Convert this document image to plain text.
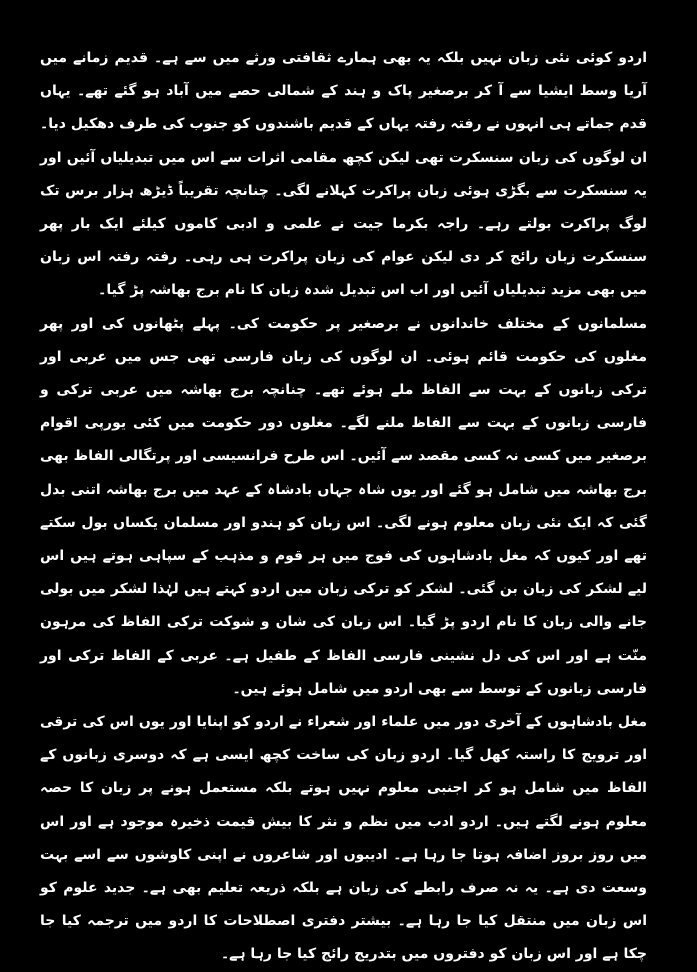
اردو کوئی نئی زبان نہیں بلکہ یہ بھی ہمارے ثقافتی ورثے میں سے ہے۔ قدیم زمانے میں آریا وسط ایشیا سے آ کر برصغیر پاک و ہند کے شمالی حصے میں آباد ہو گئے تھے۔ یہاں قدم جماتے ہی انہوں نے رفتہ رفتہ یہاں کے قدیم باشندوں کو جنوب کی طرف دھکیل دیا۔ ان لوگوں کی زبان سنسکرت تھی لیکن کچھ مقامی اثرات سے اس میں تبدیلیاں آئیں اور یہ سنسکرت سے بگڑی ہوئی زبان پراکرت کہلانے لگی۔ چنانچہ تقریباً ڈیڑھ ہزار برس تک لوگ پراکرت بولتے رہے۔ راجہ بکرما جیت نے علمی و ادبی کاموں کیلئے ایک بار پھر سنسکرت زبان رائج کر دی لیکن عوام کی زبان پراکرت ہی رہی۔ رفتہ رفتہ اس زبان میں بھی مزید تبدیلیاں آئیں اور اب اس تبدیل شدہ زبان کا نام برج بھاشہ پڑ گیا۔

مسلمانوں کے مختلف خاندانوں نے برصغیر پر حکومت کی۔ پہلے پٹھانوں کی اور پھر مغلوں کی حکومت قائم ہوئی۔ ان لوگوں کی زبان فارسی تھی جس میں عربی اور ترکی زبانوں کے بہت سے الفاظ ملے ہوئے تھے۔ چنانچہ برج بھاشہ میں عربی ترکی و فارسی زبانوں کے بہت سے الفاظ ملنے لگے۔ مغلوں دور حکومت میں کئی یورپی اقوام برصغیر میں کسی نہ کسی مقصد سے آئیں۔ اس طرح فرانسیسی اور پرتگالی الفاظ بھی برج بھاشہ میں شامل ہو گئے اور یوں شاہ جہاں بادشاہ کے عہد میں برج بھاشہ اتنی بدل گئی کہ ایک نئی زبان معلوم ہونے لگی۔ اس زبان کو ہندو اور مسلمان یکساں بول سکتے تھے اور کیوں کہ مغل بادشاہوں کی فوج میں ہر قوم و مذہب کے سپاہی ہوتے ہیں اس لیے لشکر کی زبان بن گئی۔ لشکر کو ترکی زبان میں اردو کہتے ہیں لہٰذا لشکر میں بولی جانے والی زبان کا نام اردو پڑ گیا۔ اس زبان کی شان و شوکت ترکی الفاظ کی مرہون منّت ہے اور اس کی دل نشینی فارسی الفاظ کے طفیل ہے۔ عربی کے الفاظ ترکی اور فارسی زبانوں کے توسط سے بھی اردو میں شامل ہوئے ہیں۔

مغل بادشاہوں کے آخری دور میں علماء اور شعراء نے اردو کو اپنایا اور یوں اس کی ترقی اور ترویج کا راستہ کھل گیا۔ اردو زبان کی ساخت کچھ ایسی ہے کہ دوسری زبانوں کے الفاظ میں شامل ہو کر اجنبی معلوم نہیں ہوتے بلکہ مستعمل ہونے پر زبان کا حصہ معلوم ہونے لگتے ہیں۔ اردو ادب میں نظم و نثر کا بیش قیمت ذخیرہ موجود ہے اور اس میں روز بروز اضافہ ہوتا جا رہا ہے۔ ادیبوں اور شاعروں نے اپنی کاوشوں سے اسے بہت وسعت دی ہے۔ یہ نہ صرف رابطے کی زبان ہے بلکہ ذریعہ تعلیم بھی ہے۔ جدید علوم کو اس زبان میں منتقل کیا جا رہا ہے۔ بیشتر دفتری اصطلاحات کا اردو میں ترجمہ کیا جا چکا ہے اور اس زبان کو دفتروں میں بتدریج رائج کیا جا رہا ہے۔
